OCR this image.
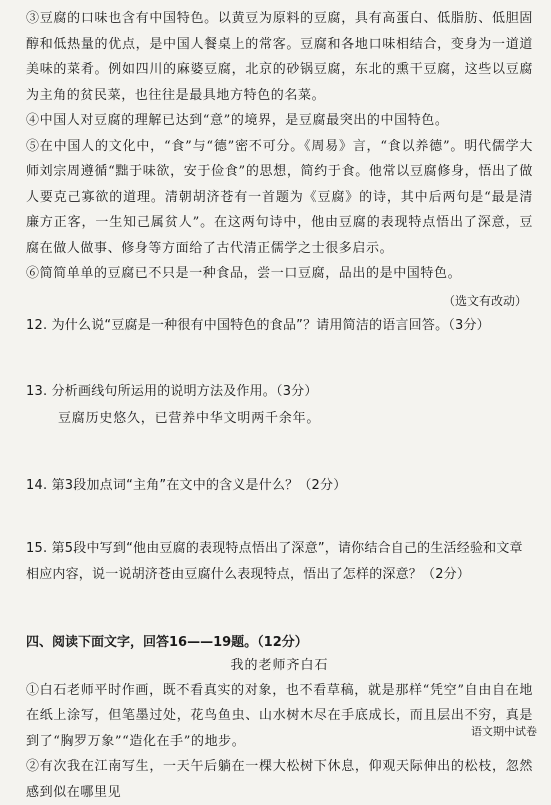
③豆腐的口味也含有中国特色。以黄豆为原料的豆腐，具有高蛋白、低脂肪、低胆固醇和低热量的优点，是中国人餐桌上的常客。豆腐和各地口味相结合，变身为一道道美味的菜肴。例如四川的麻婆豆腐，北京的砂锅豆腐，东北的熏干豆腐，这些以豆腐为主角的贫民菜，也往往是最具地方特色的名菜。

④中国人对豆腐的理解已达到“意”的境界，是豆腐最突出的中国特色。

⑤在中国人的文化中，“食”与“德”密不可分。《周易》言，“食以养德”。明代儒学大师刘宗周遵循“黜于味欲，安于俭食”的思想，简约于食。他常以豆腐修身，悟出了做人要克己寡欲的道理。清朝胡济苍有一首题为《豆腐》的诗，其中后两句是“最是清廉方正客，一生知己属贫人”。在这两句诗中，他由豆腐的表现特点悟出了深意，豆腐在做人做事、修身等方面给了古代清正儒学之士很多启示。

⑥简简单单的豆腐已不只是一种食品，尝一口豆腐，品出的是中国特色。

（选文有改动）

12. 为什么说“豆腐是一种很有中国特色的食品”？请用简洁的语言回答。（3分）

13. 分析画线句所运用的说明方法及作用。（3分）

豆腐历史悠久，已营养中华文明两千余年。

14. 第3段加点词“主角”在文中的含义是什么？（2分）

15. 第5段中写到“他由豆腐的表现特点悟出了深意”，请你结合自己的生活经验和文章相应内容，说一说胡济苍由豆腐什么表现特点，悟出了怎样的深意？（2分）

四、阅读下面文字，回答16——19题。（12分）

我的老师齐白石

①白石老师平时作画，既不看真实的对象，也不看草稿，就是那样“凭空”自由自在地在纸上涂写，但笔墨过处，花鸟鱼虫、山水树木尽在手底成长，而且层出不穷，真是到了“胸罗万象”“造化在手”的地步。

②有次我在江南写生，一天午后躺在一棵大松树下休息，仰观天际伸出的松枝，忽然感到似在哪里见

语文期中试卷
